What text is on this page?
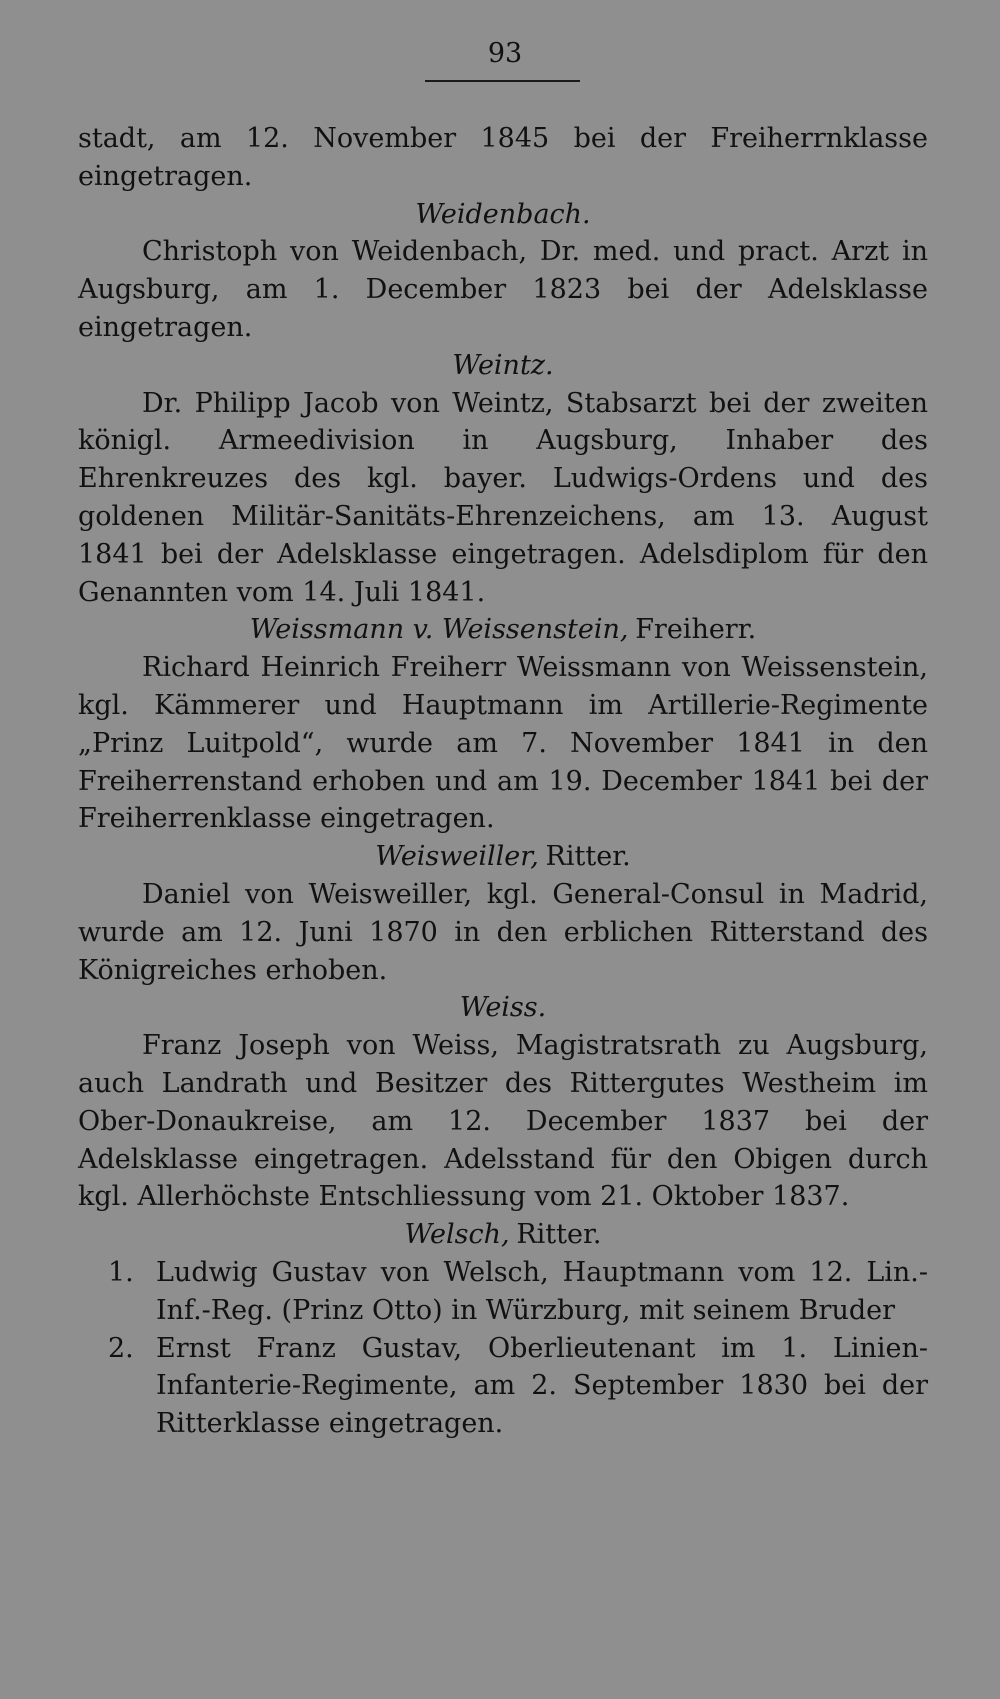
93

stadt, am 12. November 1845 bei der Freiherrnklasse eingetragen.

Weidenbach.

Christoph von Weidenbach, Dr. med. und pract. Arzt in Augsburg, am 1. December 1823 bei der Adelsklasse eingetragen.

Weintz.

Dr. Philipp Jacob von Weintz, Stabsarzt bei der zweiten königl. Armeedivision in Augsburg, Inhaber des Ehrenkreuzes des kgl. bayer. Ludwigs-Ordens und des goldenen Militär-Sanitäts-Ehrenzeichens, am 13. August 1841 bei der Adelsklasse eingetragen. Adelsdiplom für den Genannten vom 14. Juli 1841.

Weissmann v. Weissenstein, Freiherr.

Richard Heinrich Freiherr Weissmann von Weissenstein, kgl. Kämmerer und Hauptmann im Artillerie-Regimente „Prinz Luitpold“, wurde am 7. November 1841 in den Freiherrenstand erhoben und am 19. December 1841 bei der Freiherrenklasse eingetragen.

Weisweiller, Ritter.

Daniel von Weisweiller, kgl. General-Consul in Madrid, wurde am 12. Juni 1870 in den erblichen Ritterstand des Königreiches erhoben.

Weiss.

Franz Joseph von Weiss, Magistratsrath zu Augsburg, auch Landrath und Besitzer des Rittergutes Westheim im Ober-Donaukreise, am 12. December 1837 bei der Adelsklasse eingetragen. Adelsstand für den Obigen durch kgl. Allerhöchste Entschliessung vom 21. Oktober 1837.

Welsch, Ritter.

1. Ludwig Gustav von Welsch, Hauptmann vom 12. Lin.-Inf.-Reg. (Prinz Otto) in Würzburg, mit seinem Bruder

2. Ernst Franz Gustav, Oberlieutenant im 1. Linien-Infanterie-Regimente, am 2. September 1830 bei der Ritterklasse eingetragen.
